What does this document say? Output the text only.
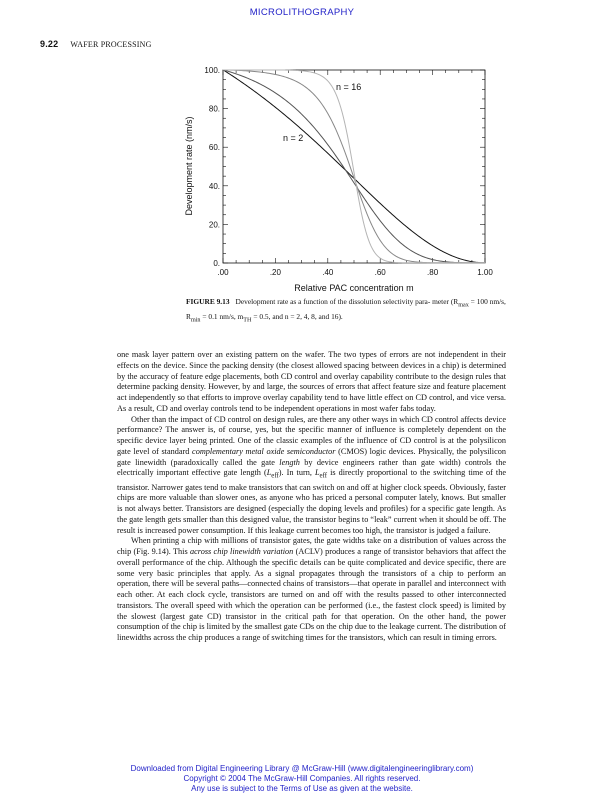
MICROLITHOGRAPHY
9.22 WAFER PROCESSING
.00	.20	.40	.60	.80	1.00
0.
20.
40.
60.
80.
100.
n = 16
n = 2
Relative PAC concentration m
Development rate (nm/s)
FIGURE 9.13 Development rate as a function of the dissolution selectivity para- meter ($R_{max} = 100$ nm/s, $R_{min} = 0.1$ nm/s, $m_{TH} = 0.5$, and n = 2, 4, 8, and 16).

one mask layer pattern over an existing pattern on the wafer. The two types of errors are not independent in their effects on the device. Since the packing density (the closest allowed spacing between devices in a chip) is determined by the accuracy of feature edge placements, both CD control and overlay capability contribute to the design rules that determine packing density. However, by and large, the sources of errors that affect feature size and feature placement act independently so that efforts to improve overlay capability tend to have little effect on CD control, and vice versa. As a result, CD and overlay controls tend to be independent operations in most wafer fabs today.

Other than the impact of CD control on design rules, are there any other ways in which CD control affects device performance? The answer is, of course, yes, but the specific manner of influence is completely dependent on the specific device layer being printed. One of the classic examples of the influence of CD control is at the polysilicon gate level of standard complementary metal oxide semiconductor (CMOS) logic devices. Physically, the polysilicon gate linewidth (paradoxically called the gate length by device engineers rather than gate width) controls the electrically important effective gate length $(L_{eff})$. In turn, $L_{eff}$ is directly proportional to the switching time of the transistor. Narrower gates tend to make transistors that can switch on and off at higher clock speeds. Obviously, faster chips are more valuable than slower ones, as anyone who has priced a personal computer lately, knows. But smaller is not always better. Transistors are designed (especially the doping levels and profiles) for a specific gate length. As the gate length gets smaller than this designed value, the transistor begins to “leak” current when it should be off. The result is increased power consumption. If this leakage current becomes too high, the transistor is judged a failure.

When printing a chip with millions of transistor gates, the gate widths take on a distribution of values across the chip (Fig. 9.14). This across chip linewidth variation (ACLV) produces a range of transistor behaviors that affect the overall performance of the chip. Although the specific details can be quite complicated and device specific, there are some very basic principles that apply. As a signal propagates through the transistors of a chip to perform an operation, there will be several paths—connected chains of transistors—that operate in parallel and interconnect with each other. At each clock cycle, transistors are turned on and off with the results passed to other interconnected transistors. The overall speed with which the operation can be performed (i.e., the fastest clock speed) is limited by the slowest (largest gate CD) transistor in the critical path for that operation. On the other hand, the power consumption of the chip is limited by the smallest gate CDs on the chip due to the leakage current. The distribution of linewidths across the chip produces a range of switching times for the transistors, which can result in timing errors.

Downloaded from Digital Engineering Library @ McGraw-Hill (www.digitalengineeringlibrary.com)
Copyright © 2004 The McGraw-Hill Companies. All rights reserved.
Any use is subject to the Terms of Use as given at the website.
